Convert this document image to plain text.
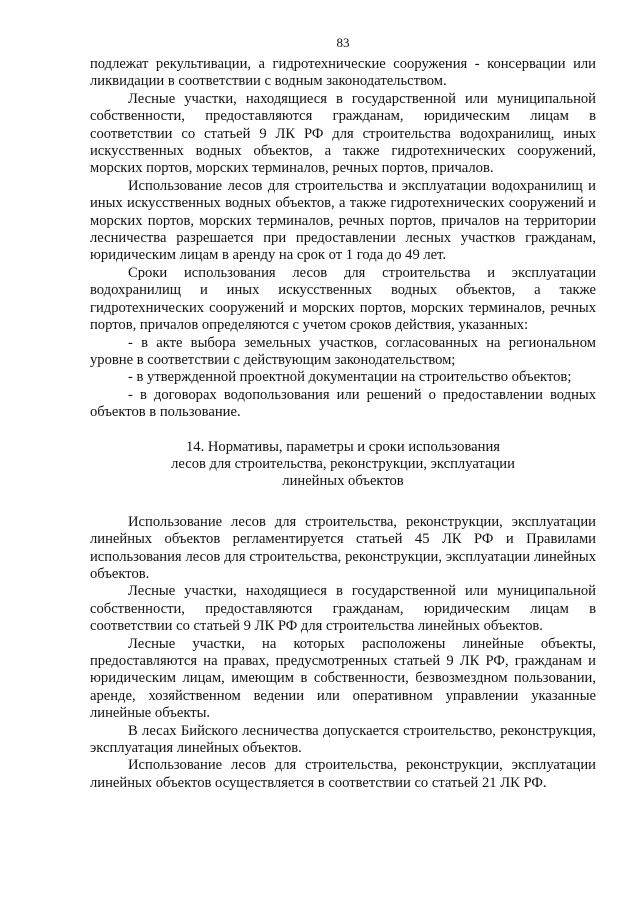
83

подлежат рекультивации, а гидротехнические сооружения - консервации или ликвидации в соответствии с водным законодательством.

Лесные участки, находящиеся в государственной или муниципальной собственности, предоставляются гражданам, юридическим лицам в соответствии со статьей 9 ЛК РФ для строительства водохранилищ, иных искусственных водных объектов, а также гидротехнических сооружений, морских портов, морских терминалов, речных портов, причалов.

Использование лесов для строительства и эксплуатации водохранилищ и иных искусственных водных объектов, а также гидротехнических сооружений и морских портов, морских терминалов, речных портов, причалов на территории лесничества разрешается при предоставлении лесных участков гражданам, юридическим лицам в аренду на срок от 1 года до 49 лет.

Сроки использования лесов для строительства и эксплуатации водохранилищ и иных искусственных водных объектов, а также гидротехнических сооружений и морских портов, морских терминалов, речных портов, причалов определяются с учетом сроков действия, указанных:

- в акте выбора земельных участков, согласованных на региональном уровне в соответствии с действующим законодательством;

- в утвержденной проектной документации на строительство объектов;

- в договорах водопользования или решений о предоставлении водных объектов в пользование.

14. Нормативы, параметры и сроки использования
лесов для строительства, реконструкции, эксплуатации
линейных объектов

Использование лесов для строительства, реконструкции, эксплуатации линейных объектов регламентируется статьей 45 ЛК РФ и Правилами использования лесов для строительства, реконструкции, эксплуатации линейных объектов.

Лесные участки, находящиеся в государственной или муниципальной собственности, предоставляются гражданам, юридическим лицам в соответствии со статьей 9 ЛК РФ для строительства линейных объектов.

Лесные участки, на которых расположены линейные объекты, предоставляются на правах, предусмотренных статьей 9 ЛК РФ, гражданам и юридическим лицам, имеющим в собственности, безвозмездном пользовании, аренде, хозяйственном ведении или оперативном управлении указанные линейные объекты.

В лесах Бийского лесничества допускается строительство, реконструкция, эксплуатация линейных объектов.

Использование лесов для строительства, реконструкции, эксплуатации линейных объектов осуществляется в соответствии со статьей 21 ЛК РФ.
